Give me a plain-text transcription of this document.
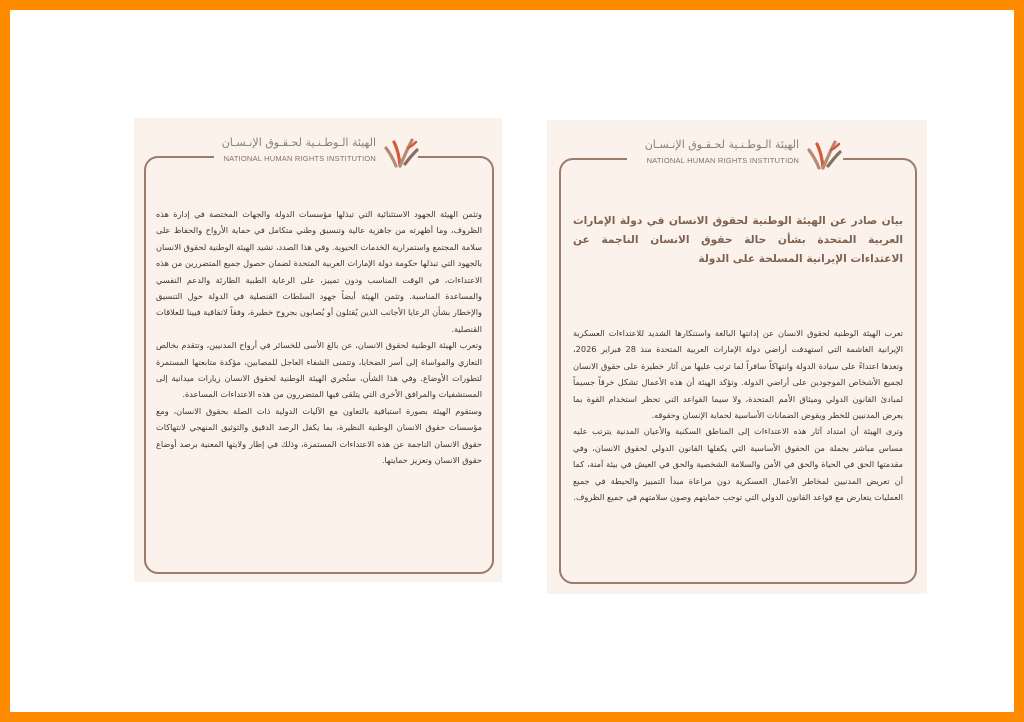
الهيئة الـوطـنـية لحـقـوق الإنـسـان
NATIONAL HUMAN RIGHTS INSTITUTION

وتثمن الهيئة الجهود الاستثنائية التي تبذلها مؤسسات الدولة والجهات المختصة في إدارة هذه الظروف، وما أظهرته من جاهزية عالية وتنسيق وطني متكامل في حماية الأرواح والحفاظ على سلامة المجتمع واستمرارية الخدمات الحيوية. وفي هذا الصدد، تشيد الهيئة الوطنية لحقوق الانسان بالجهود التي تبذلها حكومة دولة الإمارات العربية المتحدة لضمان حصول جميع المتضررين من هذه الاعتداءات، في الوقت المناسب ودون تمييز، على الرعاية الطبية الطارئة والدعم النفسي والمساعدة المناسبة. وتثمن الهيئة أيضاً جهود السلطات القنصلية في الدولة حول التنسيق والإخطار بشأن الرعايا الأجانب الذين يُقتلون أو يُصابون بجروح خطيرة، وفقاً لاتفاقية فيينا للعلاقات القنصلية.

وتعرب الهيئة الوطنية لحقوق الانسان، عن بالغ الأسى للخسائر في أرواح المدنيين، وتتقدم بخالص التعازي والمواساة إلى أسر الضحايا، وتتمنى الشفاء العاجل للمصابين، مؤكدة متابعتها المستمرة لتطورات الأوضاع. وفي هذا الشأن، ستُجري الهيئة الوطنية لحقوق الانسان زيارات ميدانية إلى المستشفيات والمرافق الأخرى التي يتلقى فيها المتضررون من هذه الاعتداءات المساعدة.

وستقوم الهيئة بصورة استباقية بالتعاون مع الآليات الدولية ذات الصلة بحقوق الانسان، ومع مؤسسات حقوق الانسان الوطنية النظيرة، بما يكفل الرصد الدقيق والتوثيق المنهجي لانتهاكات حقوق الانسان الناجمة عن هذه الاعتداءات المستمرة، وذلك في إطار ولايتها المعنية برصد أوضاع حقوق الانسان وتعزيز حمايتها.

الهيئة الـوطـنـية لحـقـوق الإنـسـان
NATIONAL HUMAN RIGHTS INSTITUTION
بيان صادر عن الهيئة الوطنية لحقوق الانسان في دولة الإمارات العربية المتحدة بشأن حالة حقوق الانسان الناجمة عن الاعتداءات الإيرانية المسلحة على الدولة

تعرب الهيئة الوطنية لحقوق الانسان عن إدانتها البالغة واستنكارها الشديد للاعتداءات العسكرية الإيرانية الغاشمة التي استهدفت أراضي دولة الإمارات العربية المتحدة منذ 28 فبراير 2026، وتعدها اعتداءً على سيادة الدولة وانتهاكاً سافراً لما ترتب عليها من آثار خطيرة على حقوق الانسان لجميع الأشخاص الموجودين على أراضي الدولة. وتؤكد الهيئة أن هذه الأعمال تشكل خرقاً جسيماً لمبادئ القانون الدولي وميثاق الأمم المتحدة، ولا سيما القواعد التي تحظر استخدام القوة بما يعرض المدنيين للخطر ويقوض الضمانات الأساسية لحماية الإنسان وحقوقه.

وترى الهيئة أن امتداد آثار هذه الاعتداءات إلى المناطق السكنية والأعيان المدنية يترتب عليه مساس مباشر بجملة من الحقوق الأساسية التي يكفلها القانون الدولي لحقوق الانسان، وفي مقدمتها الحق في الحياة والحق في الأمن والسلامة الشخصية والحق في العيش في بيئة آمنة، كما أن تعريض المدنيين لمخاطر الأعمال العسكرية دون مراعاة مبدأ التمييز والحيطة في جميع العمليات يتعارض مع قواعد القانون الدولي التي توجب حمايتهم وصون سلامتهم في جميع الظروف.
